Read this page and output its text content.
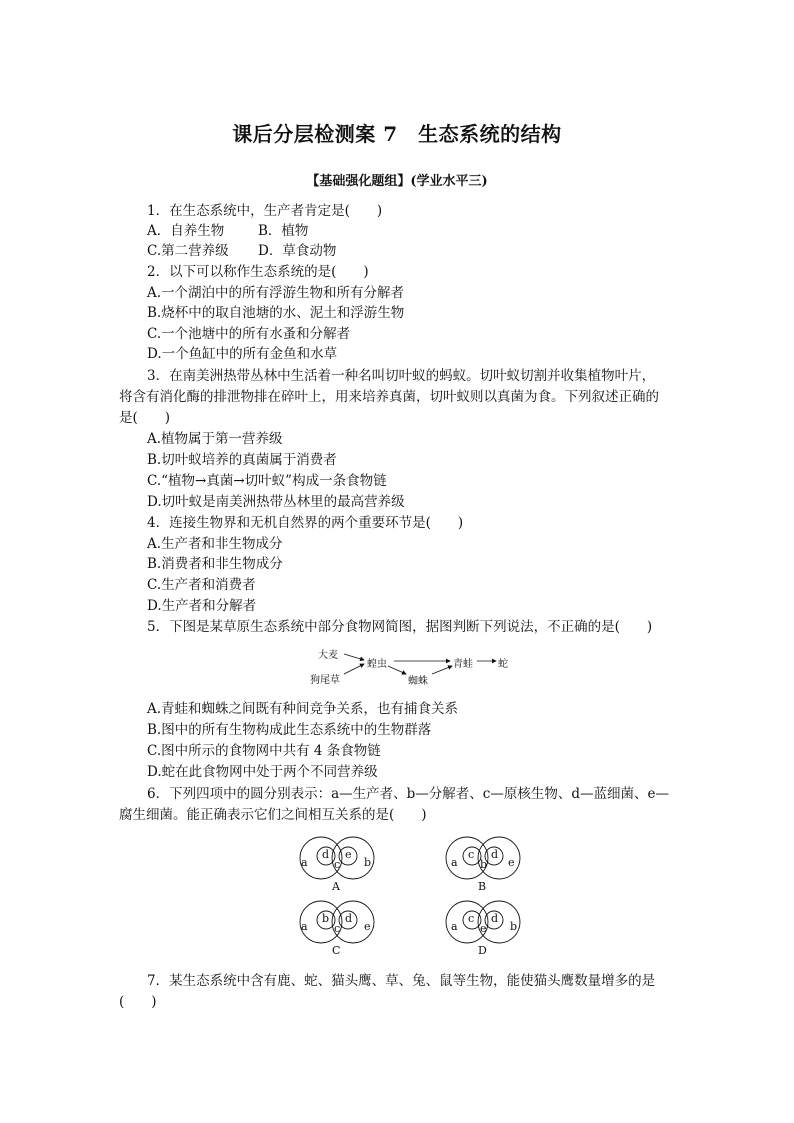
课后分层检测案 7　生态系统的结构
【基础强化题组】(学业水平三)
1．在生态系统中，生产者肯定是(　　)
A．自养生物	B．植物
C.第二营养级 D．草食动物
2．以下可以称作生态系统的是(　　)
A.一个湖泊中的所有浮游生物和所有分解者
B.烧杯中的取自池塘的水、泥土和浮游生物
C.一个池塘中的所有水蚤和分解者
D.一个鱼缸中的所有金鱼和水草
3．在南美洲热带丛林中生活着一种名叫切叶蚁的蚂蚁。切叶蚁切割并收集植物叶片，
将含有消化酶的排泄物排在碎叶上，用来培养真菌，切叶蚁则以真菌为食。下列叙述正确的
是(　　)
A.植物属于第一营养级
B.切叶蚁培养的真菌属于消费者
C.“植物→真菌→切叶蚁”构成一条食物链
D.切叶蚁是南美洲热带丛林里的最高营养级
4．连接生物界和无机自然界的两个重要环节是(　　)
A.生产者和非生物成分
B.消费者和非生物成分
C.生产者和消费者
D.生产者和分解者
5．下图是某草原生态系统中部分食物网简图，据图判断下列说法，不正确的是(　　)
大麦
狗尾草
蝗虫
蜘蛛
青蛙	蛇
A.青蛙和蜘蛛之间既有种间竞争关系，也有捕食关系
B.图中的所有生物构成此生态系统中的生物群落
C.图中所示的食物网中共有 4 条食物链
D.蛇在此食物网中处于两个不同营养级
6．下列四项中的圆分别表示：a—生产者、b—分解者、c—原核生物、d—蓝细菌、e—
腐生细菌。能正确表示它们之间相互关系的是(　　)
a
d
c
e
b
A
a
c
b
d
e
B
a
b
c
d
e
C
a
c
e
d
b
D
7．某生态系统中含有鹿、蛇、猫头鹰、草、兔、鼠等生物，能使猫头鹰数量增多的是
(　　)
